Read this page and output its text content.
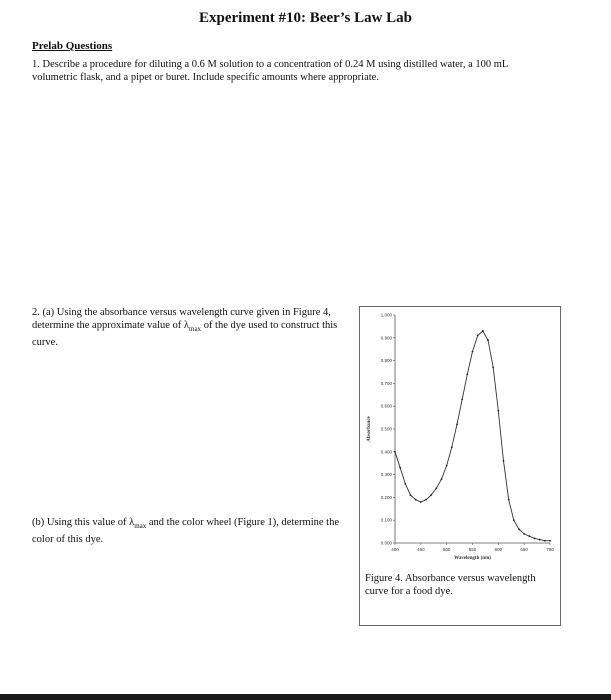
Experiment #10: Beer’s Law Lab
Prelab Questions
1. Describe a procedure for diluting a 0.6 M solution to a concentration of 0.24 M using distilled water, a 100 mL volumetric flask, and a pipet or buret. Include specific amounts where appropriate.
2. (a) Using the absorbance versus wavelength curve given in Figure 4, determine the approximate value of $\lambda_{max}$ of the dye used to construct this curve.
(b) Using this value of $\lambda_{max}$ and the color wheel (Figure 1), determine the color of this dye.
Absorbance
Wavelength (nm)
0.000
0.100
0.200
0.300
0.400
0.500
0.600
0.700
0.800
0.900
1.000
400	450	500	550	600	650	700
Figure 4. Absorbance versus wavelength curve for a food dye.
